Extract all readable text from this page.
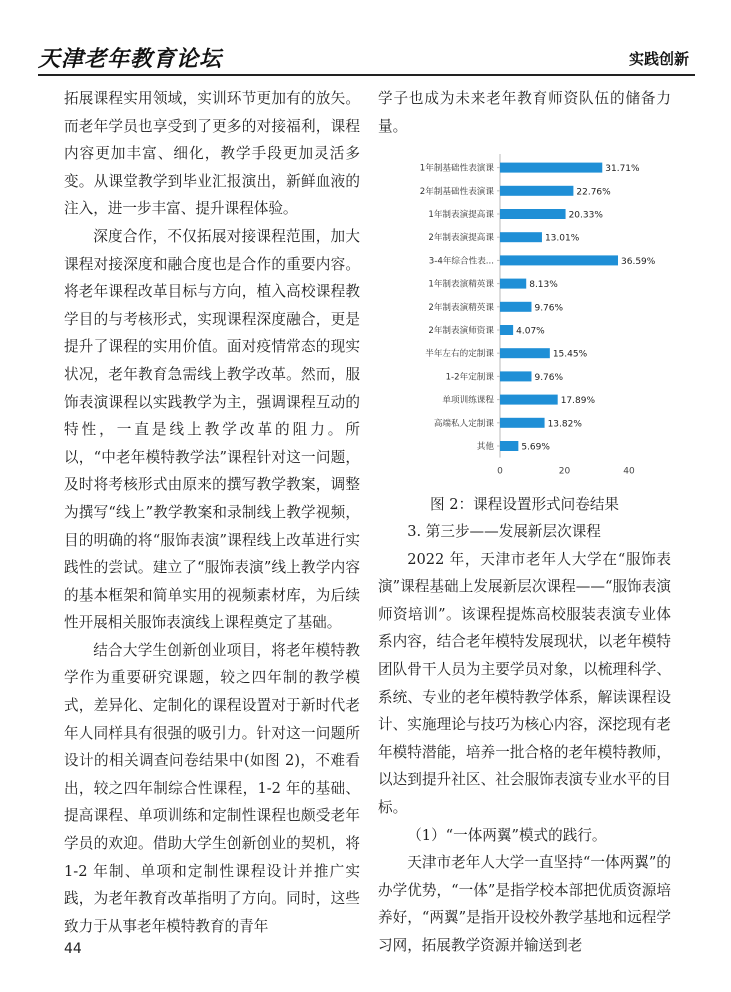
天津老年教育论坛	实践创新

拓展课程实用领域，实训环节更加有的放矢。而老年学员也享受到了更多的对接福利，课程内容更加丰富、细化，教学手段更加灵活多变。从课堂教学到毕业汇报演出，新鲜血液的注入，进一步丰富、提升课程体验。

深度合作，不仅拓展对接课程范围，加大课程对接深度和融合度也是合作的重要内容。将老年课程改革目标与方向，植入高校课程教学目的与考核形式，实现课程深度融合，更是提升了课程的实用价值。面对疫情常态的现实状况，老年教育急需线上教学改革。然而，服饰表演课程以实践教学为主，强调课程互动的特性，一直是线上教学改革的阻力。所以，“中老年模特教学法”课程针对这一问题，及时将考核形式由原来的撰写教学教案，调整为撰写“线上”教学教案和录制线上教学视频，目的明确的将“服饰表演”课程线上改革进行实践性的尝试。建立了“服饰表演”线上教学内容的基本框架和简单实用的视频素材库，为后续性开展相关服饰表演线上课程奠定了基础。

结合大学生创新创业项目，将老年模特教学作为重要研究课题，较之四年制的教学模式，差异化、定制化的课程设置对于新时代老年人同样具有很强的吸引力。针对这一问题所设计的相关调查问卷结果中(如图 2)，不难看出，较之四年制综合性课程，1-2 年的基础、提高课程、单项训练和定制性课程也颇受老年学员的欢迎。借助大学生创新创业的契机，将 1-2 年制、单项和定制性课程设计并推广实践，为老年教育改革指明了方向。同时，这些致力于从事老年模特教育的青年

学子也成为未来老年教育师资队伍的储备力量。

1年制基础性表演课	31.71%
2年制基础性表演课	22.76%
1年制表演提高课	20.33%
2年制表演提高课	13.01%
3-4年综合性表...	36.59%
1年制表演精英课	8.13%
2年制表演精英课	9.76%
2年制表演师资课 4.07%
半年左右的定制课	15.45%
1-2年定制课	9.76%
单项训练课程	17.89%
高端私人定制课	13.82%
其他	5.69%
0	20	40
图 2：课程设置形式问卷结果

3. 第三步——发展新层次课程

2022 年，天津市老年人大学在“服饰表演”课程基础上发展新层次课程——“服饰表演师资培训”。该课程提炼高校服装表演专业体系内容，结合老年模特发展现状，以老年模特团队骨干人员为主要学员对象，以梳理科学、系统、专业的老年模特教学体系，解读课程设计、实施理论与技巧为核心内容，深挖现有老年模特潜能，培养一批合格的老年模特教师，以达到提升社区、社会服饰表演专业水平的目标。

（1）“一体两翼”模式的践行。

天津市老年人大学一直坚持“一体两翼”的办学优势，“一体”是指学校本部把优质资源培养好，“两翼”是指开设校外教学基地和远程学习网，拓展教学资源并输送到老

44
